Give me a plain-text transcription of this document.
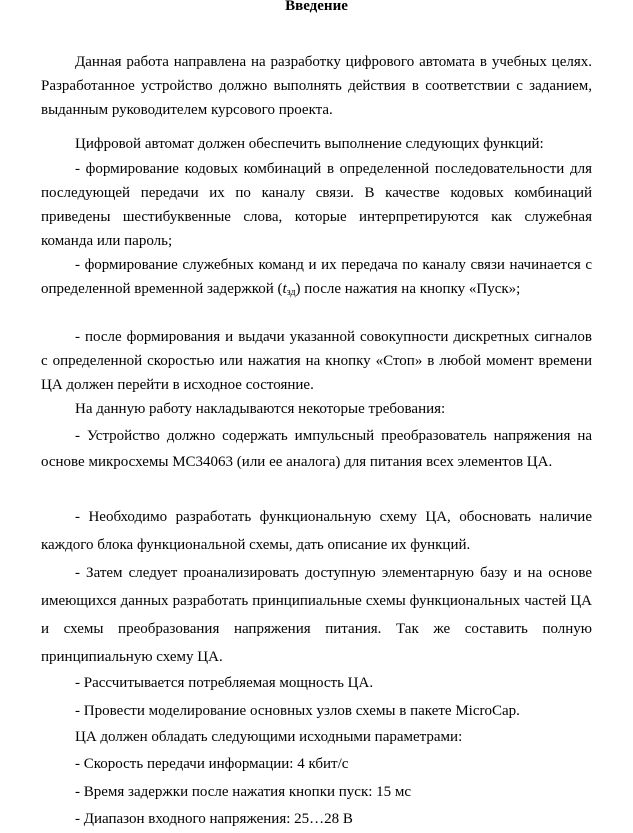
Введение
Данная работа направлена на разработку цифрового автомата в учебных целях. Разработанное устройство должно выполнять действия в соответствии с заданием, выданным руководителем курсового проекта.
Цифровой автомат должен обеспечить выполнение следующих функций:
- формирование кодовых комбинаций в определенной последовательности для последующей передачи их по каналу связи. В качестве кодовых комбинаций приведены шестибуквенные слова, которые интерпретируются как служебная команда или пароль;
- формирование служебных команд и их передача по каналу связи начинается с определенной временной задержкой $(t_{зд})$ после нажатия на кнопку «Пуск»;
- после формирования и выдачи указанной совокупности дискретных сигналов с определенной скоростью или нажатия на кнопку «Стоп» в любой момент времени ЦА должен перейти в исходное состояние.
На данную работу накладываются некоторые требования:
- Устройство должно содержать импульсный преобразователь напряжения на основе микросхемы MC34063 (или ее аналога) для питания всех элементов ЦА.
- Необходимо разработать функциональную схему ЦА, обосновать наличие каждого блока функциональной схемы, дать описание их функций.
- Затем следует проанализировать доступную элементарную базу и на основе имеющихся данных разработать принципиальные схемы функциональных частей ЦА и схемы преобразования напряжения питания. Так же составить полную принципиальную схему ЦА.
- Рассчитывается потребляемая мощность ЦА.
- Провести моделирование основных узлов схемы в пакете MicroCap.
ЦА должен обладать следующими исходными параметрами:
- Скорость передачи информации: 4 кбит/с
- Время задержки после нажатия кнопки пуск: 15 мс
- Диапазон входного напряжения: 25…28 В
